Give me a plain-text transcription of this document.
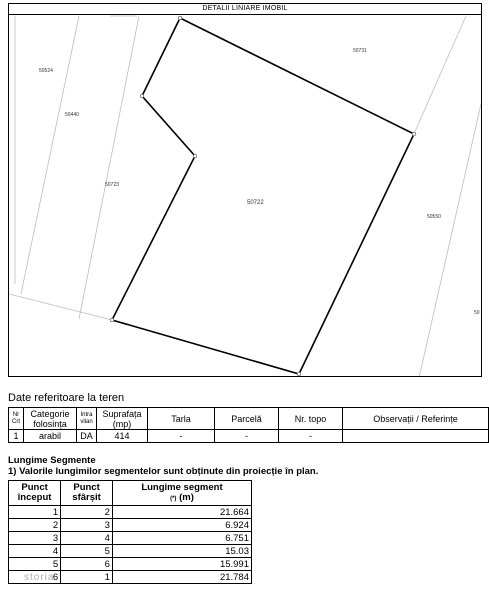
50722
50731
50524
50440
50723
50550
50
DETALII LINIARE IMOBIL
Date referitoare la teren
Nr Crt	Categorie folosința	Intra vilan	Suprafața (mp)	Tarla	Parcelă	Nr. topo	Observații / Referințe
1	arabil	DA	414	-	-	-	
Lungime Segmente
1) Valorile lungimilor segmentelor sunt obținute din proiecție în plan.
Punct început	Punct sfârșit	Lungime segment
(*) (m)
1	2	21.664
2	3	6.924
3	4	6.751
4	5	15.03
5	6	15.991
6	1	21.784
storia
